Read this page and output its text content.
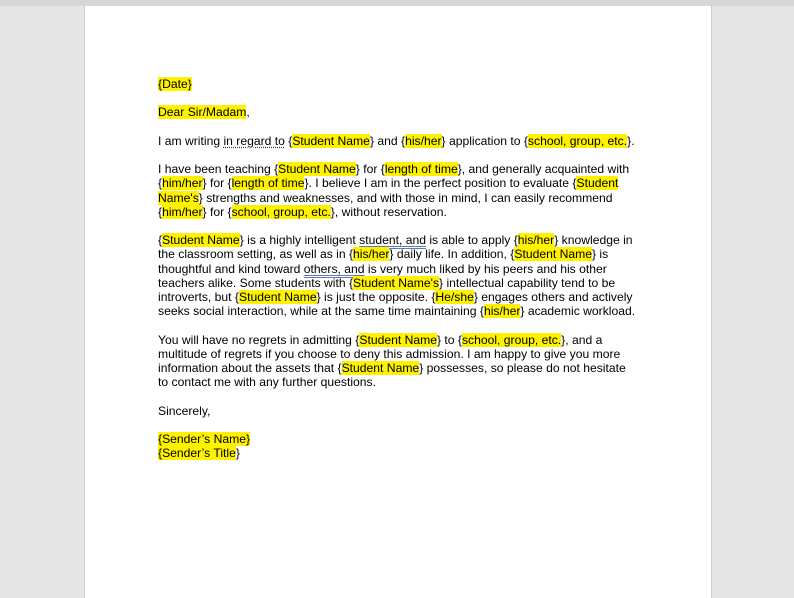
{Date}

Dear Sir/Madam,

I am writing in regard to {Student Name} and {his/her} application to {school, group, etc.}.

I have been teaching {Student Name} for {length of time}, and generally acquainted with {him/her} for {length of time}. I believe I am in the perfect position to evaluate {Student Name's} strengths and weaknesses, and with those in mind, I can easily recommend {him/her} for {school, group, etc.}, without reservation.

{Student Name} is a highly intelligent student, and is able to apply {his/her} knowledge in the classroom setting, as well as in {his/her} daily life. In addition, {Student Name} is thoughtful and kind toward others, and is very much liked by his peers and his other teachers alike. Some students with {Student Name's} intellectual capability tend to be introverts, but {Student Name} is just the opposite. {He/she} engages others and actively seeks social interaction, while at the same time maintaining {his/her} academic workload.

You will have no regrets in admitting {Student Name} to {school, group, etc.}, and a multitude of regrets if you choose to deny this admission. I am happy to give you more information about the assets that {Student Name} possesses, so please do not hesitate to contact me with any further questions.

Sincerely,

{Sender’s Name}
{Sender’s Title}
